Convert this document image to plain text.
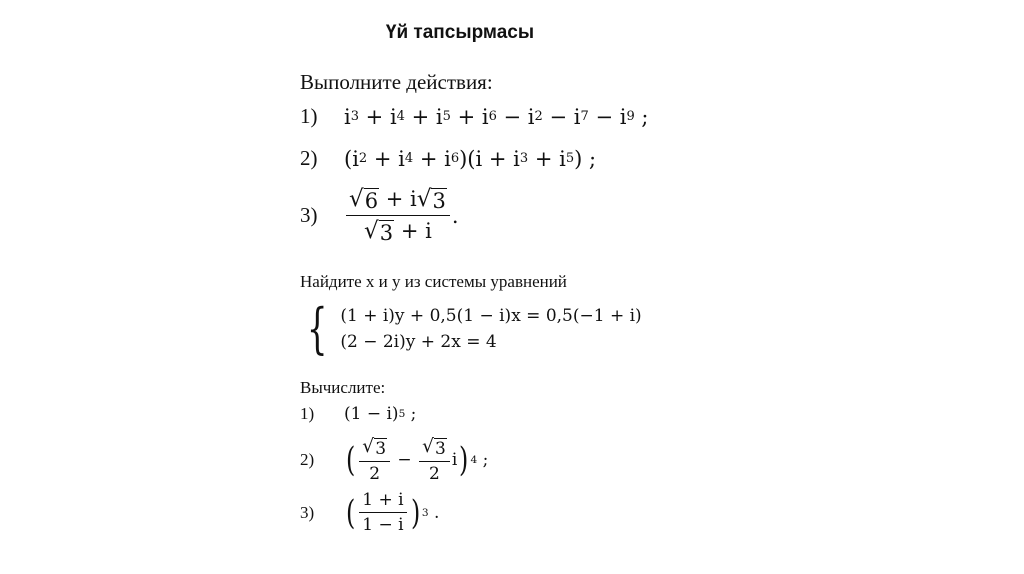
Үй тапсырмасы
Выполните действия:
1)	i 3 + i 4 + i 5 + i 6 − i 2 − i 7 − i 9 ;
2)	(i 2 + i 4 + i 6 )(i + i 3 + i 5 ) ;
3)	$\frac{√ 6 + i √ 3}{√ 3 + i}$ .
Найдите x и y из системы уравнений
{ (1 + i)y + 0,5(1 − i)x = 0,5(−1 + i)
(2 − 2i)y + 2x = 4
Вычислите:
1)	(1 − i) 5 ;
2) ( $\frac{√ 3}{2} - \frac{√ 3}{2}$ i ) 4 ;
3) ( $\frac{1 + i}{1 - i}$ ) 3 .
